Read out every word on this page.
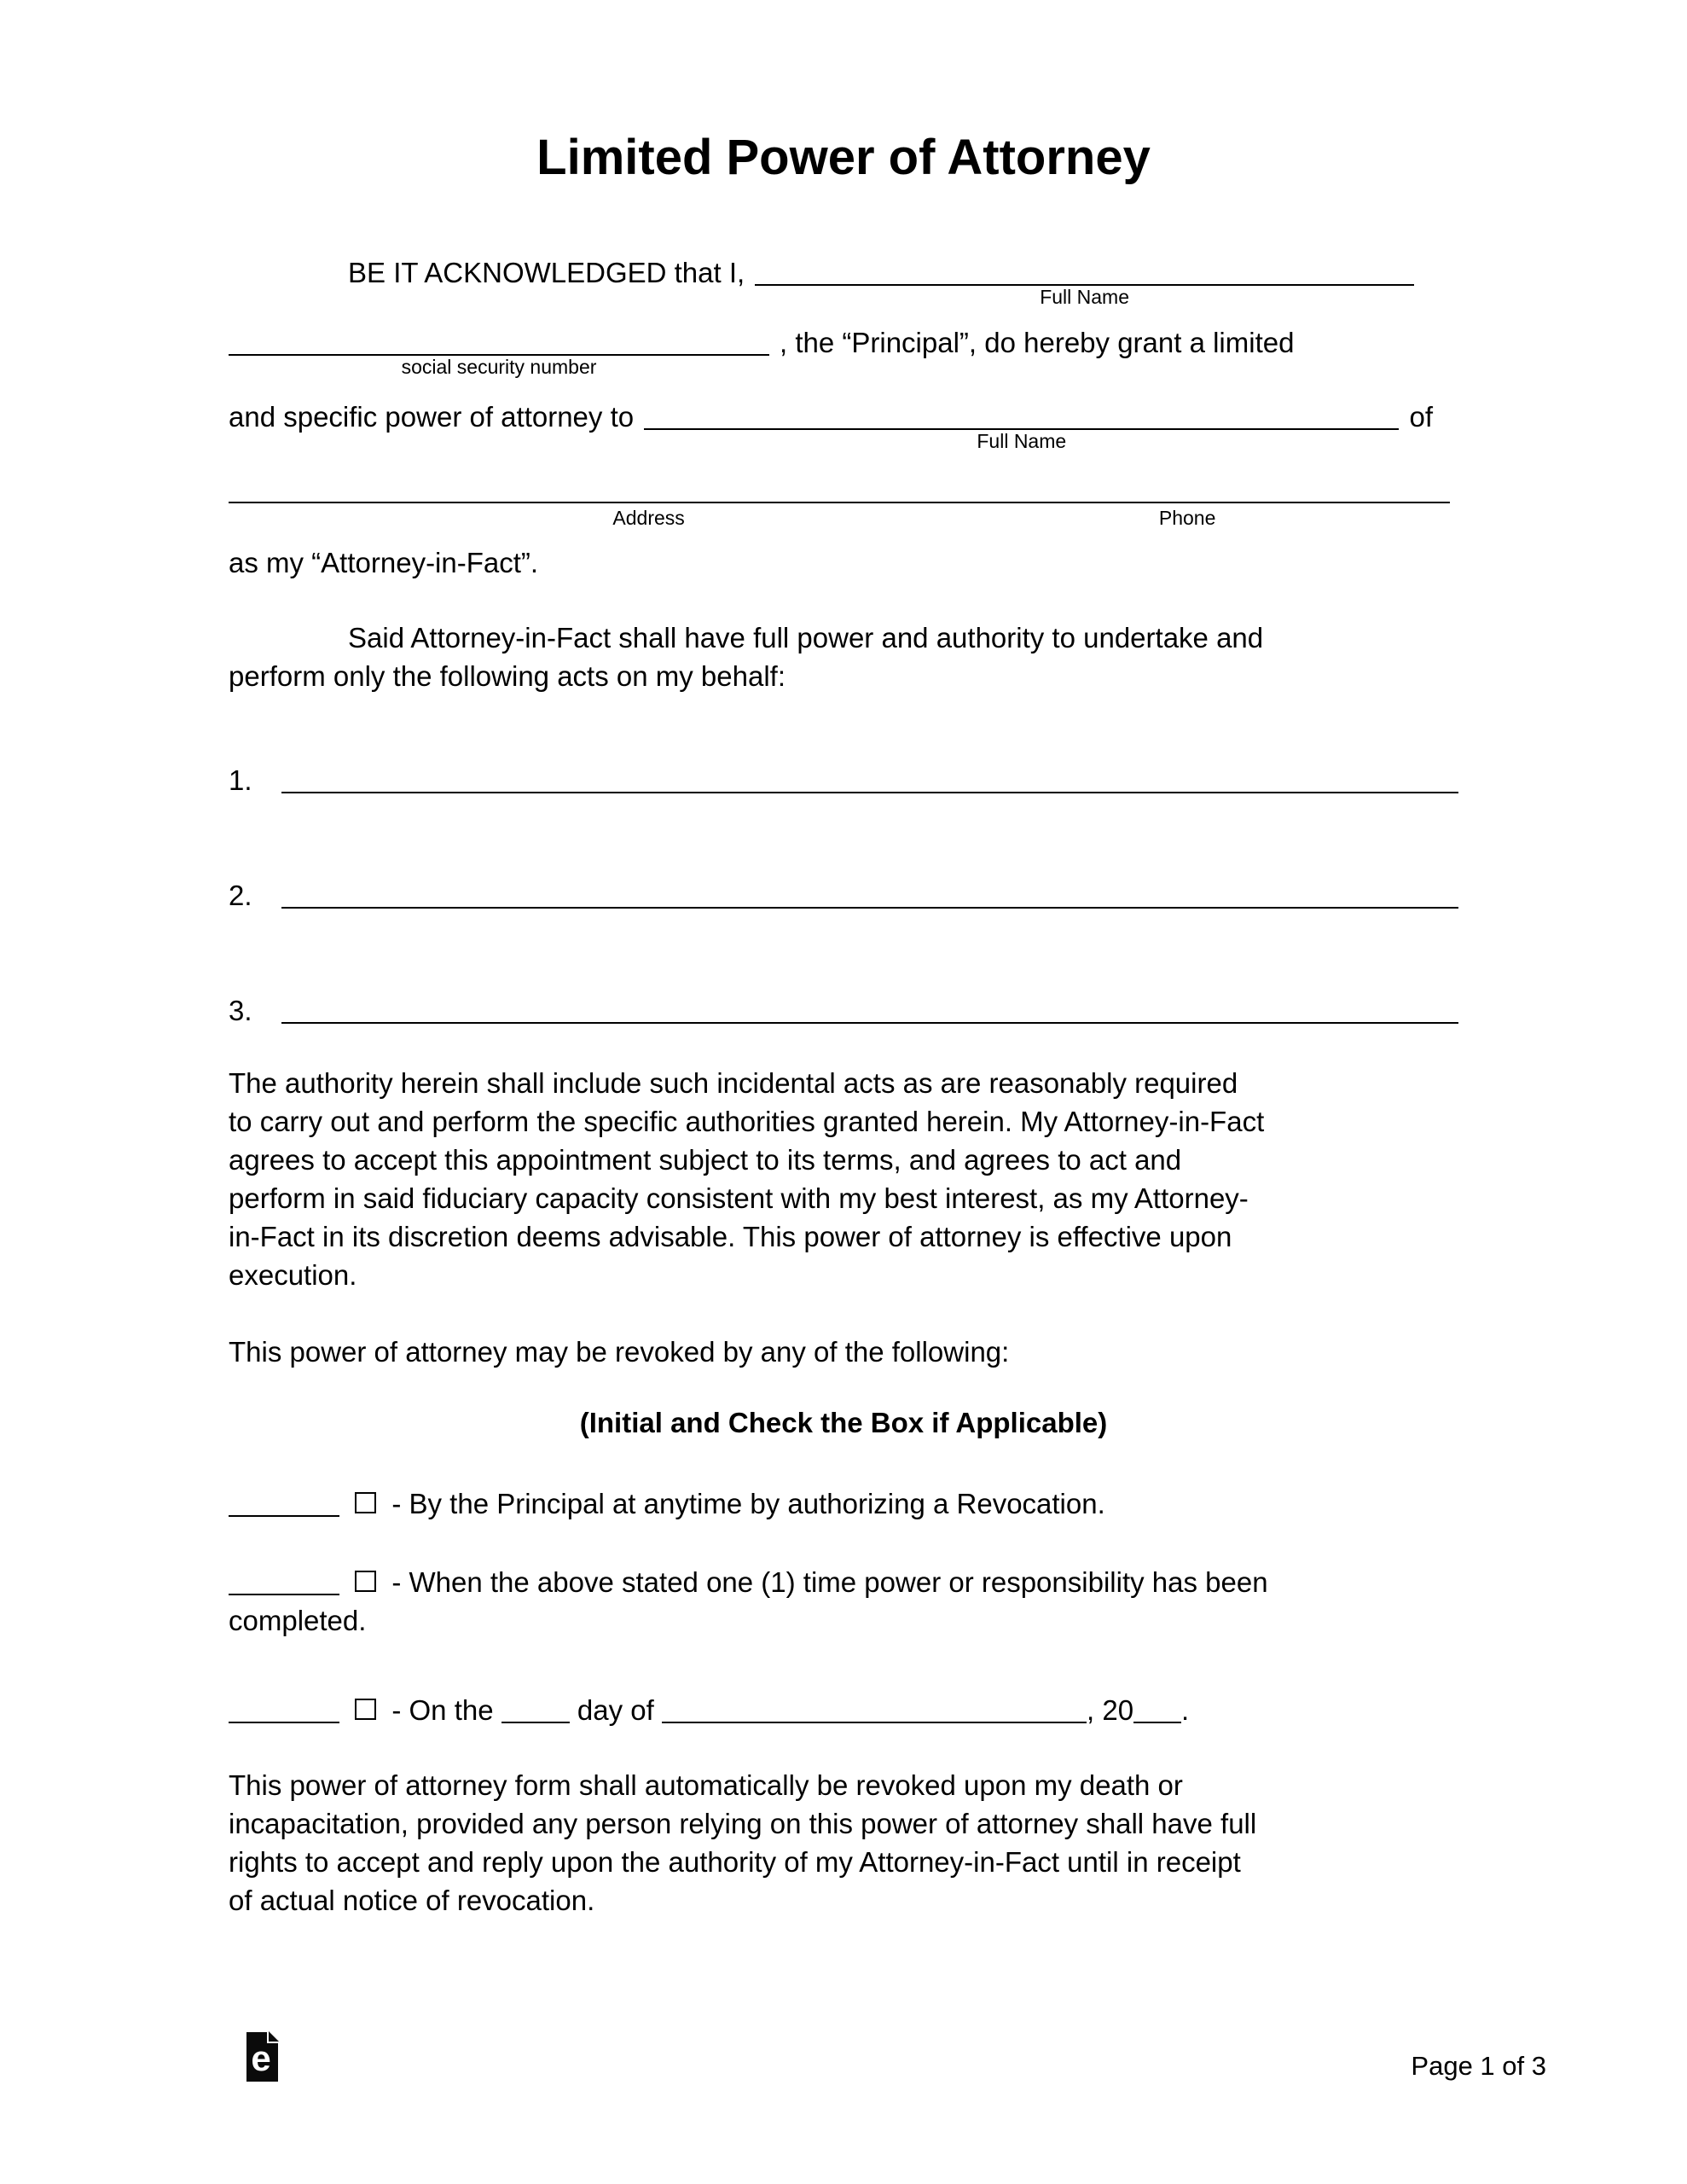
Limited Power of Attorney
BE IT ACKNOWLEDGED that I,
Full Name
social security number
, the “Principal”, do hereby grant a limited
and specific power of attorney to
Full Name
of
Address	Phone
as my “Attorney-in-Fact”.
Said Attorney-in-Fact shall have full power and authority to undertake and
perform only the following acts on my behalf:
1.
2.
3.
The authority herein shall include such incidental acts as are reasonably required
to carry out and perform the specific authorities granted herein. My Attorney-in-Fact
agrees to accept this appointment subject to its terms, and agrees to act and
perform in said fiduciary capacity consistent with my best interest, as my Attorney-
in-Fact in its discretion deems advisable. This power of attorney is effective upon
execution.
This power of attorney may be revoked by any of the following:
(Initial and Check the Box if Applicable)
- By the Principal at anytime by authorizing a Revocation.
- When the above stated one (1) time power or responsibility has been
completed.
- On the	day of	, 20 .
This power of attorney form shall automatically be revoked upon my death or
incapacitation, provided any person relying on this power of attorney shall have full
rights to accept and reply upon the authority of my Attorney-in-Fact until in receipt
of actual notice of revocation.
e	Page 1 of 3
